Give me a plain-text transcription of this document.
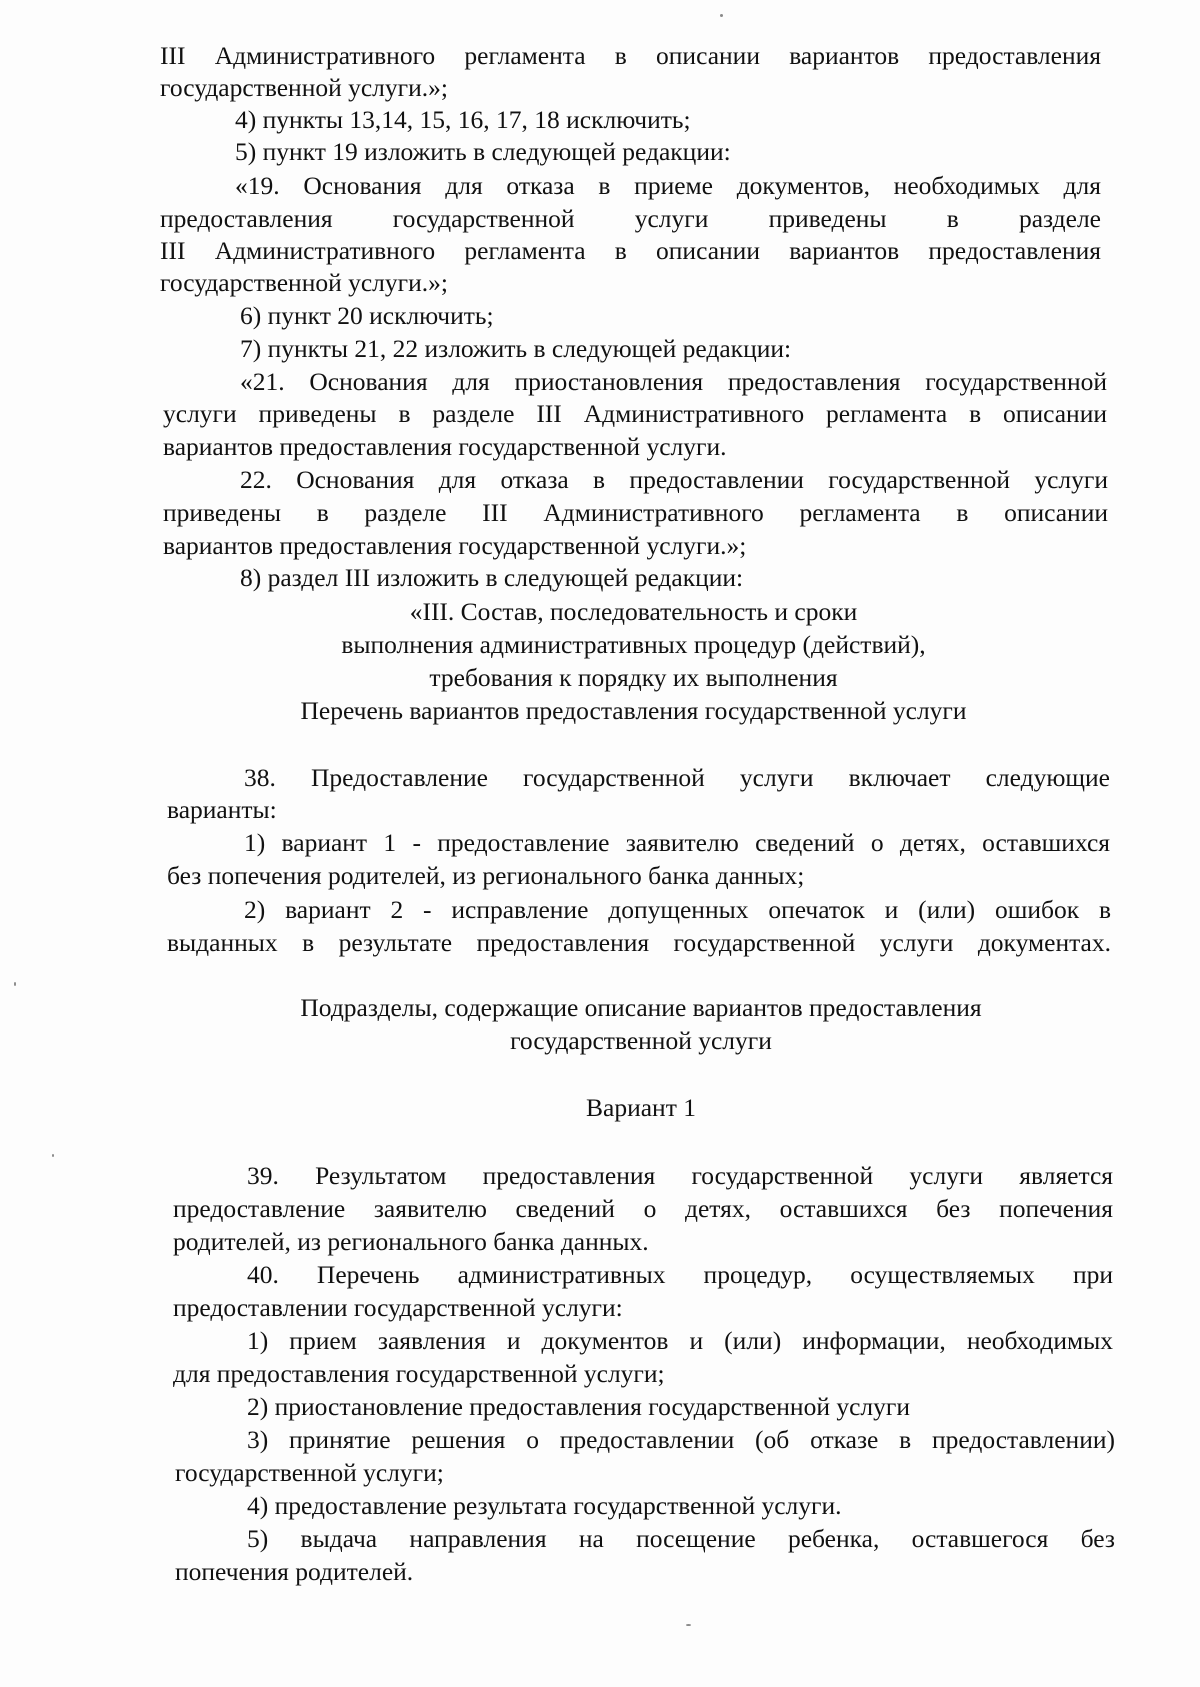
III Административного регламента в описании вариантов предоставления

государственной услуги.»;

4) пункты 13,14, 15, 16, 17, 18 исключить;

5) пункт 19 изложить в следующей редакции:

«19. Основания для отказа в приеме документов, необходимых для

предоставления государственной услуги приведены в разделе

III Административного регламента в описании вариантов предоставления

государственной услуги.»;

6) пункт 20 исключить;

7) пункты 21, 22 изложить в следующей редакции:

«21. Основания для приостановления предоставления государственной

услуги приведены в разделе III Административного регламента в описании

вариантов предоставления государственной услуги.

22. Основания для отказа в предоставлении государственной услуги

приведены в разделе III Административного регламента в описании

вариантов предоставления государственной услуги.»;

8) раздел III изложить в следующей редакции:

«III. Состав, последовательность и сроки

выполнения административных процедур (действий),

требования к порядку их выполнения

Перечень вариантов предоставления государственной услуги

38. Предоставление государственной услуги включает следующие

варианты:

1) вариант 1 - предоставление заявителю сведений о детях, оставшихся

без попечения родителей, из регионального банка данных;

2) вариант 2 - исправление допущенных опечаток и (или) ошибок в

выданных в результате предоставления государственной услуги документах.

Подразделы, содержащие описание вариантов предоставления

государственной услуги

Вариант 1

39. Результатом предоставления государственной услуги является

предоставление заявителю сведений о детях, оставшихся без попечения

родителей, из регионального банка данных.

40. Перечень административных процедур, осуществляемых при

предоставлении государственной услуги:

1) прием заявления и документов и (или) информации, необходимых

для предоставления государственной услуги;

2) приостановление предоставления государственной услуги

3) принятие решения о предоставлении (об отказе в предоставлении)

государственной услуги;

4) предоставление результата государственной услуги.

5) выдача направления на посещение ребенка, оставшегося без

попечения родителей.
